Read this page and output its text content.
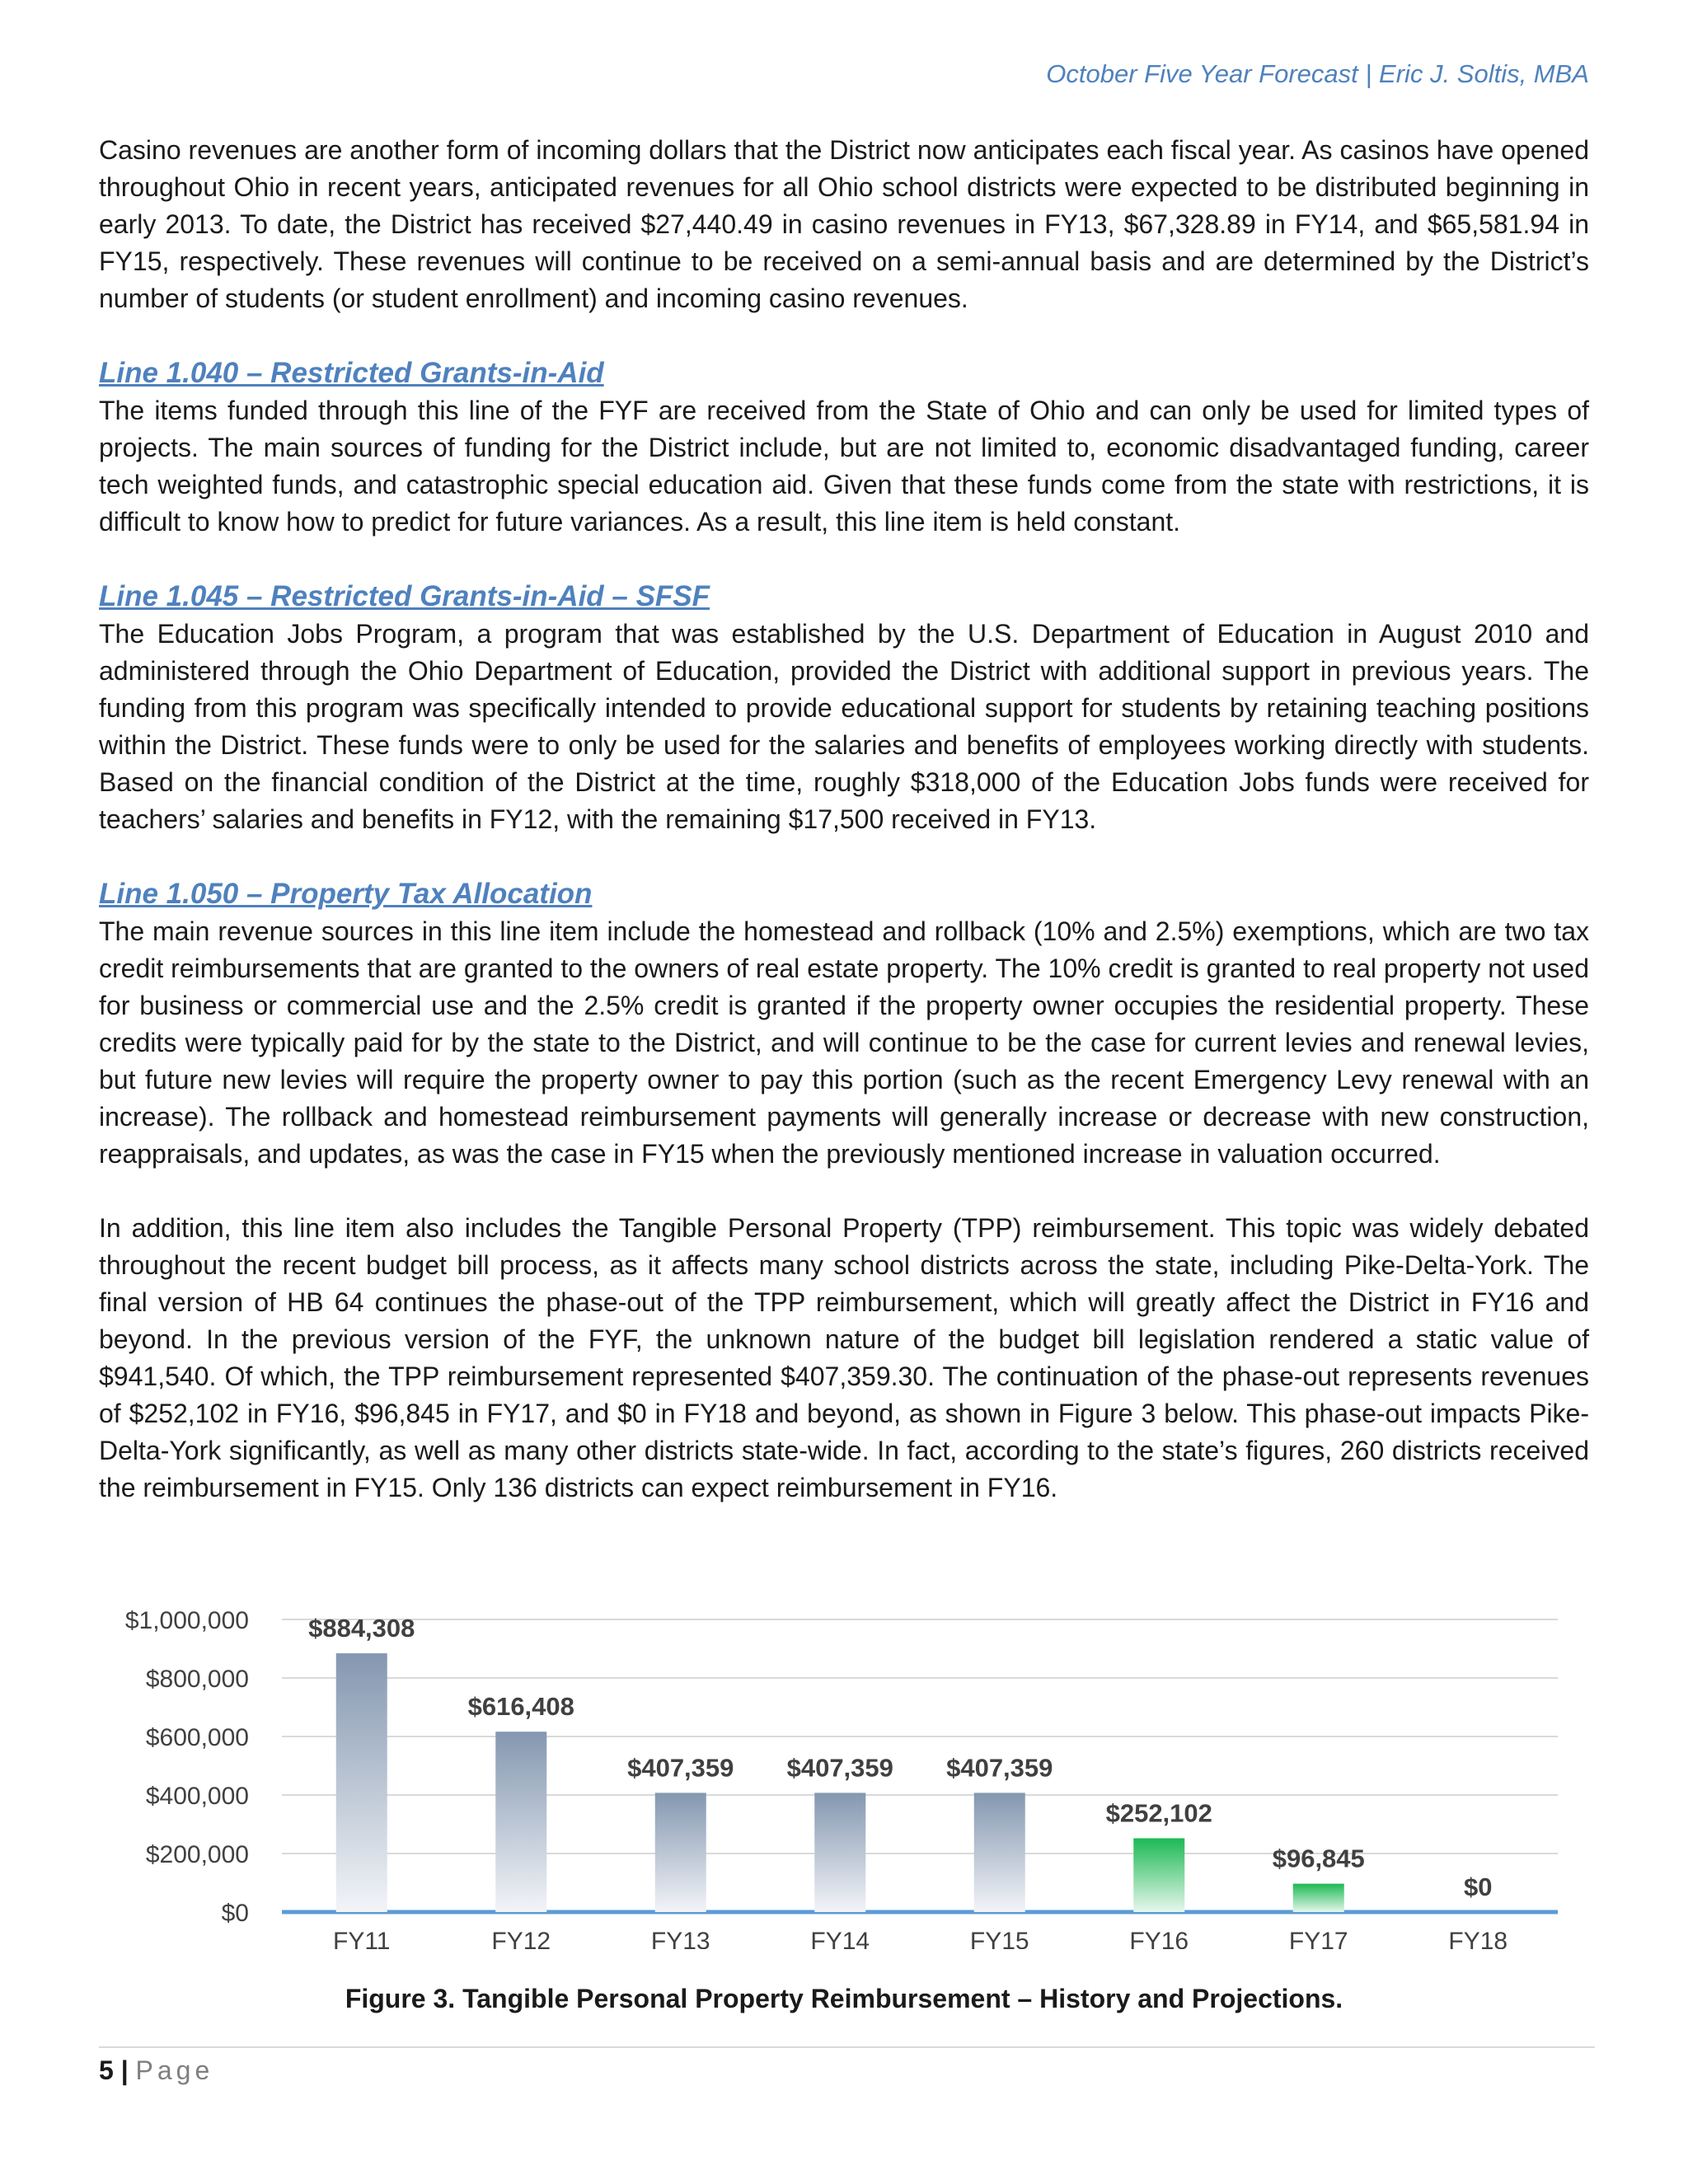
October Five Year Forecast | Eric J. Soltis, MBA

Casino revenues are another form of incoming dollars that the District now anticipates each fiscal year. As casinos have opened throughout Ohio in recent years, anticipated revenues for all Ohio school districts were expected to be distributed beginning in early 2013. To date, the District has received $27,440.49 in casino revenues in FY13, $67,328.89 in FY14, and $65,581.94 in FY15, respectively. These revenues will continue to be received on a semi-annual basis and are determined by the District’s number of students (or student enrollment) and incoming casino revenues.

Line 1.040 – Restricted Grants-in-Aid

The items funded through this line of the FYF are received from the State of Ohio and can only be used for limited types of projects. The main sources of funding for the District include, but are not limited to, economic disadvantaged funding, career tech weighted funds, and catastrophic special education aid. Given that these funds come from the state with restrictions, it is difficult to know how to predict for future variances. As a result, this line item is held constant.

Line 1.045 – Restricted Grants-in-Aid – SFSF

The Education Jobs Program, a program that was established by the U.S. Department of Education in August 2010 and administered through the Ohio Department of Education, provided the District with additional support in previous years. The funding from this program was specifically intended to provide educational support for students by retaining teaching positions within the District. These funds were to only be used for the salaries and benefits of employees working directly with students. Based on the financial condition of the District at the time, roughly $318,000 of the Education Jobs funds were received for teachers’ salaries and benefits in FY12, with the remaining $17,500 received in FY13.

Line 1.050 – Property Tax Allocation

The main revenue sources in this line item include the homestead and rollback (10% and 2.5%) exemptions, which are two tax credit reimbursements that are granted to the owners of real estate property. The 10% credit is granted to real property not used for business or commercial use and the 2.5% credit is granted if the property owner occupies the residential property. These credits were typically paid for by the state to the District, and will continue to be the case for current levies and renewal levies, but future new levies will require the property owner to pay this portion (such as the recent Emergency Levy renewal with an increase). The rollback and homestead reimbursement payments will generally increase or decrease with new construction, reappraisals, and updates, as was the case in FY15 when the previously mentioned increase in valuation occurred.

In addition, this line item also includes the Tangible Personal Property (TPP) reimbursement. This topic was widely debated throughout the recent budget bill process, as it affects many school districts across the state, including Pike-Delta-York. The final version of HB 64 continues the phase-out of the TPP reimbursement, which will greatly affect the District in FY16 and beyond. In the previous version of the FYF, the unknown nature of the budget bill legislation rendered a static value of $941,540. Of which, the TPP reimbursement represented $407,359.30. The continuation of the phase-out represents revenues of $252,102 in FY16, $96,845 in FY17, and $0 in FY18 and beyond, as shown in Figure 3 below. This phase-out impacts Pike-Delta-York significantly, as well as many other districts state-wide. In fact, according to the state’s figures, 260 districts received the reimbursement in FY15. Only 136 districts can expect reimbursement in FY16.

$0
$200,000
$400,000
$600,000
$800,000
$1,000,000 $884,308
FY11
$616,408
FY12
$407,359
FY13
$407,359
FY14
$407,359
FY15
$252,102
FY16
$96,845
FY17
$0
FY18
Figure 3. Tangible Personal Property Reimbursement – History and Projections.
5 | Page
